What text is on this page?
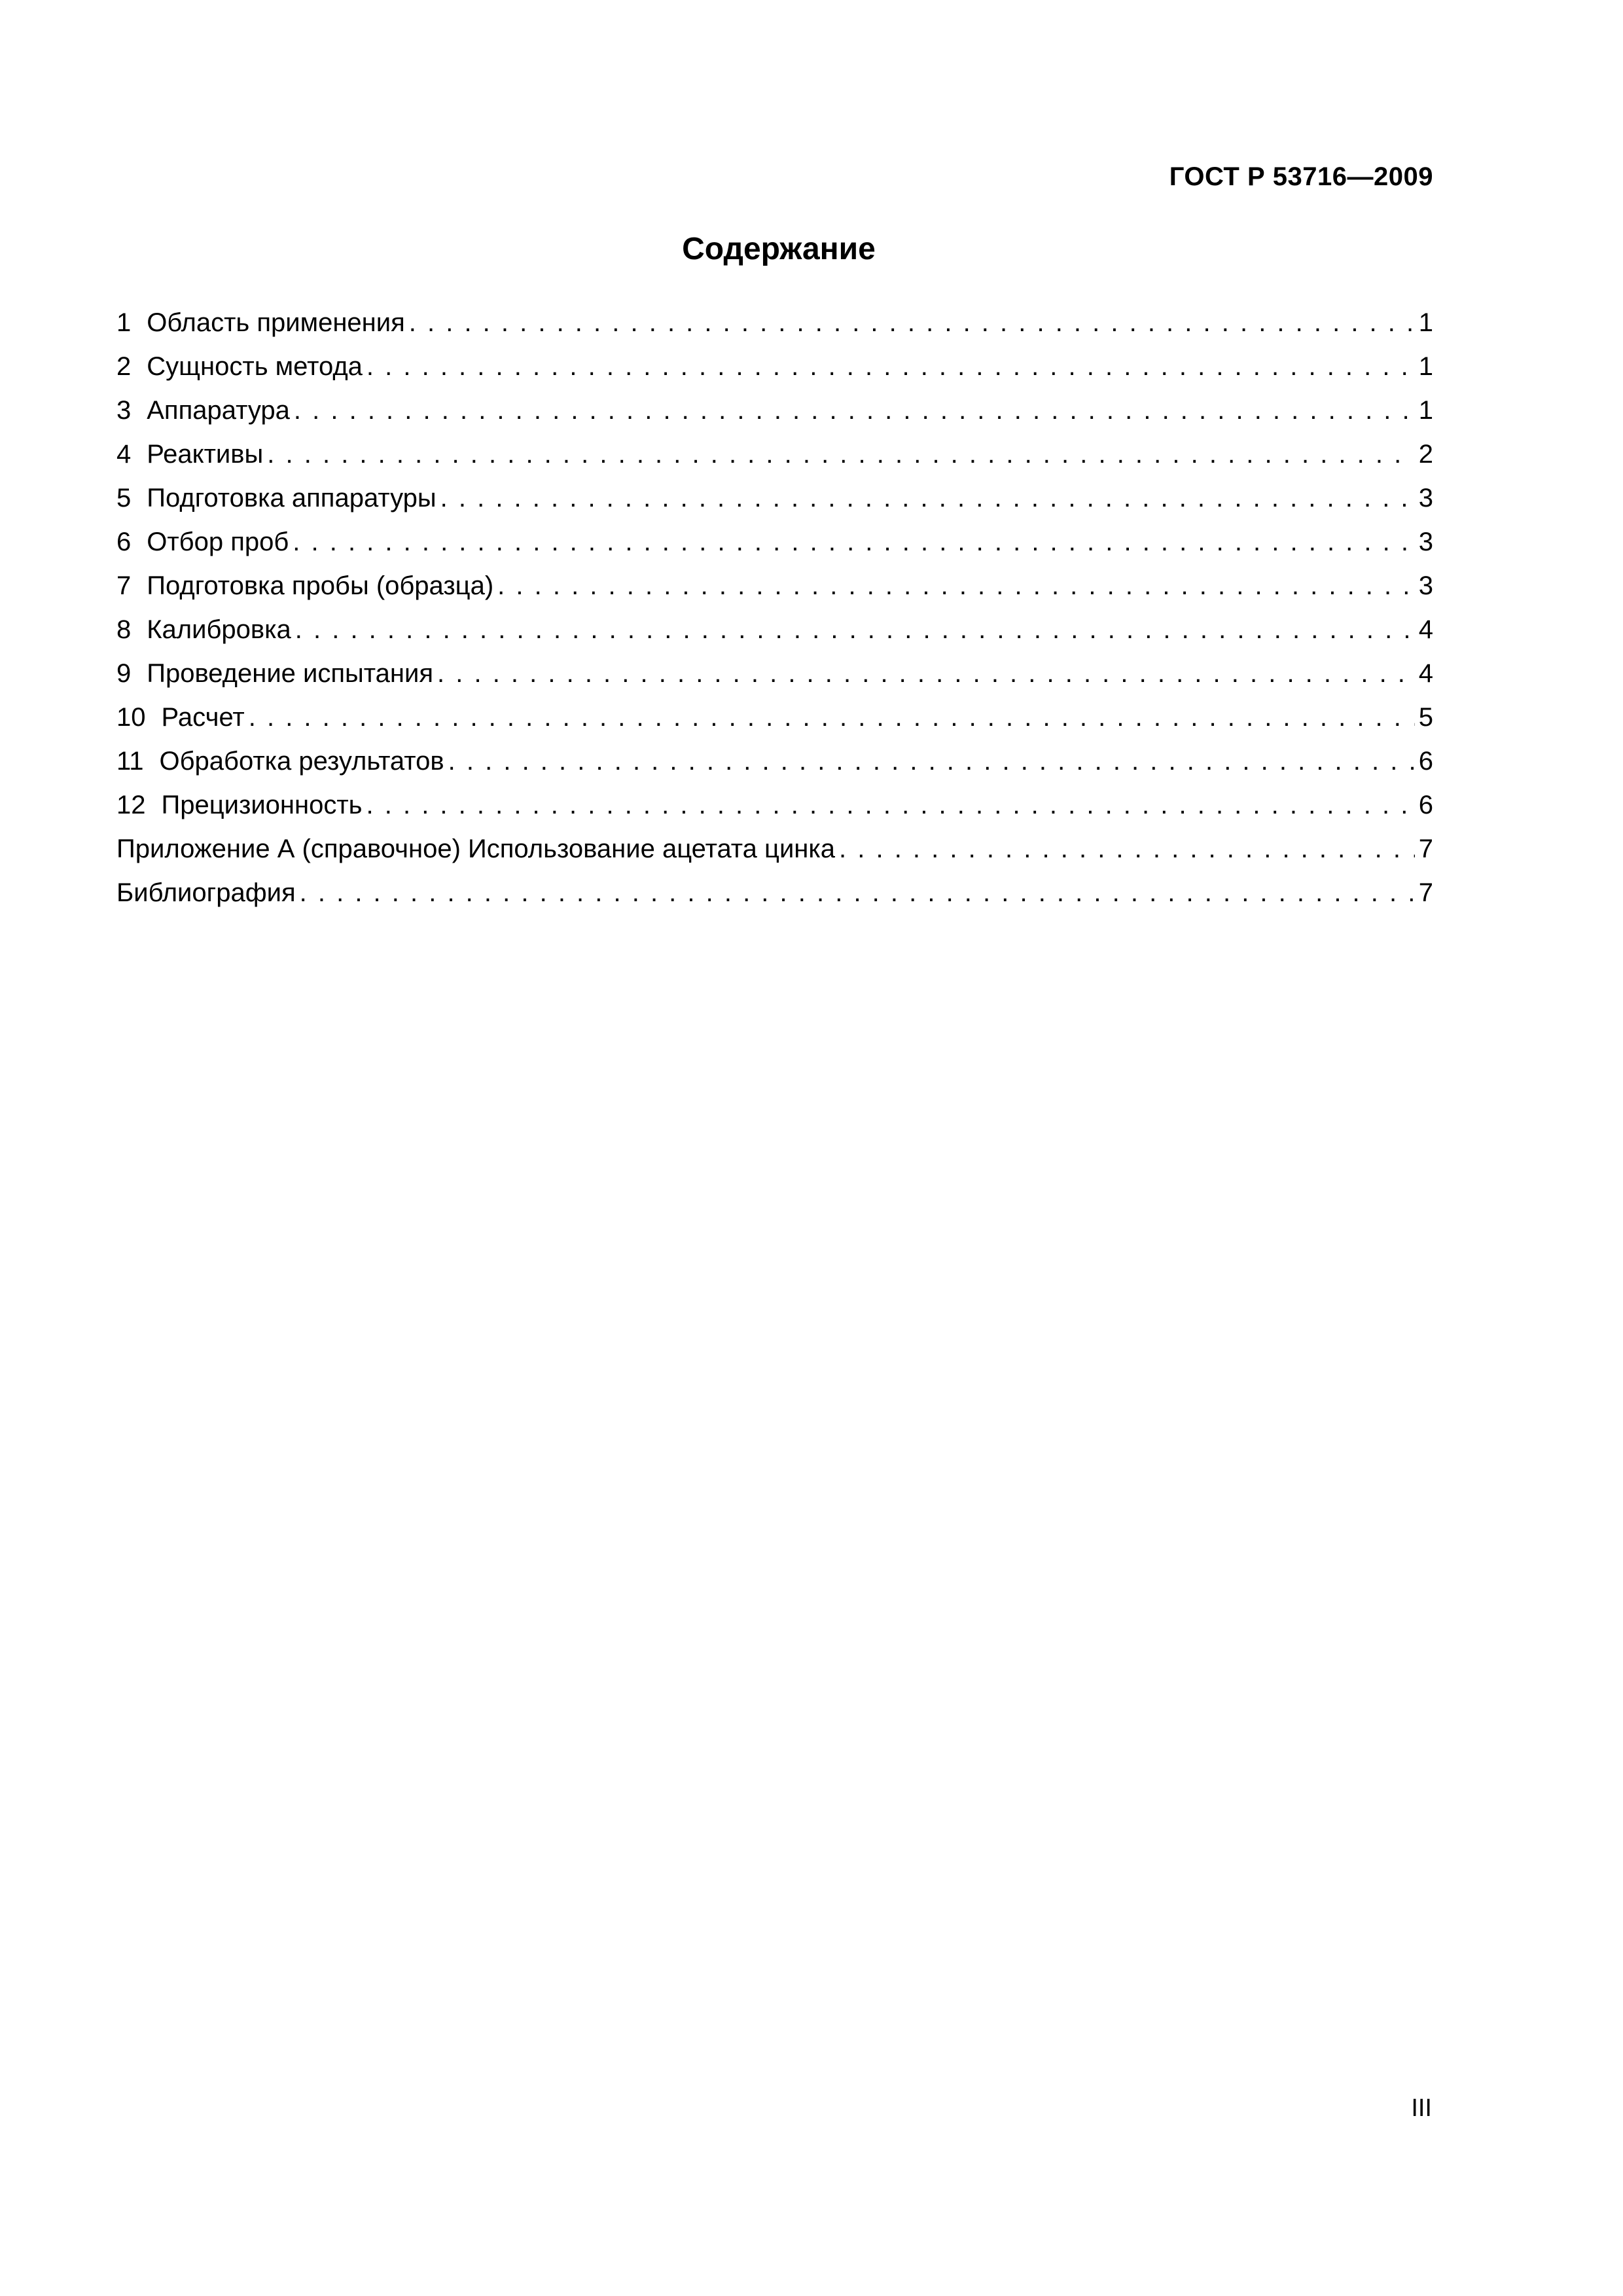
ГОСТ Р 53716—2009
Содержание
1 Область применения . . .	1
2 Сущность метода . . .	1
3 Аппаратура . . .	1
4 Реактивы . . .	2
5 Подготовка аппаратуры . . .	3
6 Отбор проб . . .	3
7 Подготовка пробы (образца) . . .	3
8 Калибровка . . .	4
9 Проведение испытания . . .	4
10 Расчет . . .	5
11 Обработка результатов . . .	6
12 Прецизионность . . .	6
Приложение А (справочное) Использование ацетата цинка . . .	7
Библиография . . .	7
III
